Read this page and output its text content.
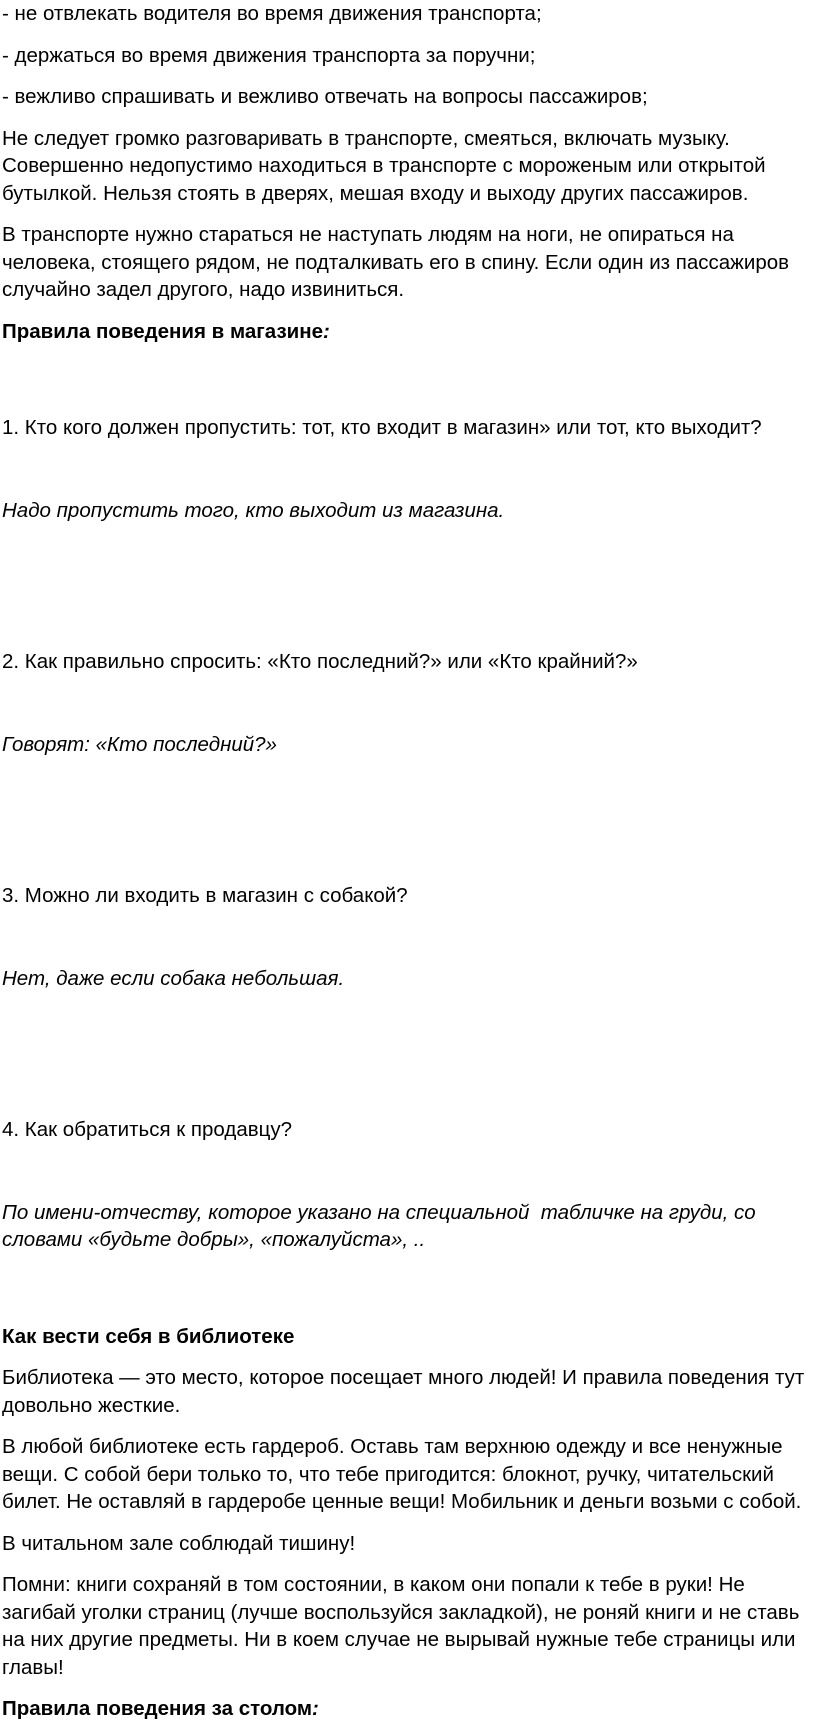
- не отвлекать водителя во время движения транспорта;

- держаться во время движения транспорта за поручни;

- вежливо спрашивать и вежливо отвечать на вопросы пассажиров;

Не следует громко разговаривать в транспорте, смеяться, включать музыку. Совершенно недопустимо находиться в транспорте с мороженым или открытой бутылкой. Нельзя стоять в дверях, мешая входу и выходу других пассажиров.

В транспорте нужно стараться не наступать людям на ноги, не опираться на человека, стоящего рядом, не подталкивать его в спину. Если один из пассажиров случайно задел другого, надо извиниться.

Правила поведения в магазине:

1. Кто кого должен пропустить: тот, кто входит в магазин» или тот, кто выходит?

Надо пропустить того, кто выходит из магазина.

2. Как правильно спросить: «Кто последний?» или «Кто крайний?»

Говорят: «Кто последний?»

3. Можно ли входить в магазин с собакой?

Нет, даже если собака небольшая.

4. Как обратиться к продавцу?

По имени-отчеству, которое указано на специальной  табличке на груди, со словами «будьте добры», «пожалуйста», ..

Как вести себя в библиотеке

Библиотека — это место, которое посещает много людей! И правила поведения тут довольно жесткие.

В любой библиотеке есть гардероб. Оставь там верхнюю одежду и все ненужные вещи. С собой бери только то, что тебе пригодится: блокнот, ручку, читательский билет. Не оставляй в гардеробе ценные вещи! Мобильник и деньги возьми с собой.

В читальном зале соблюдай тишину!

Помни: книги сохраняй в том состоянии, в каком они попали к тебе в руки! Не загибай уголки страниц (лучше воспользуйся закладкой), не роняй книги и не ставь на них другие предметы. Ни в коем случае не вырывай нужные тебе страницы или главы!

Правила поведения за столом:
